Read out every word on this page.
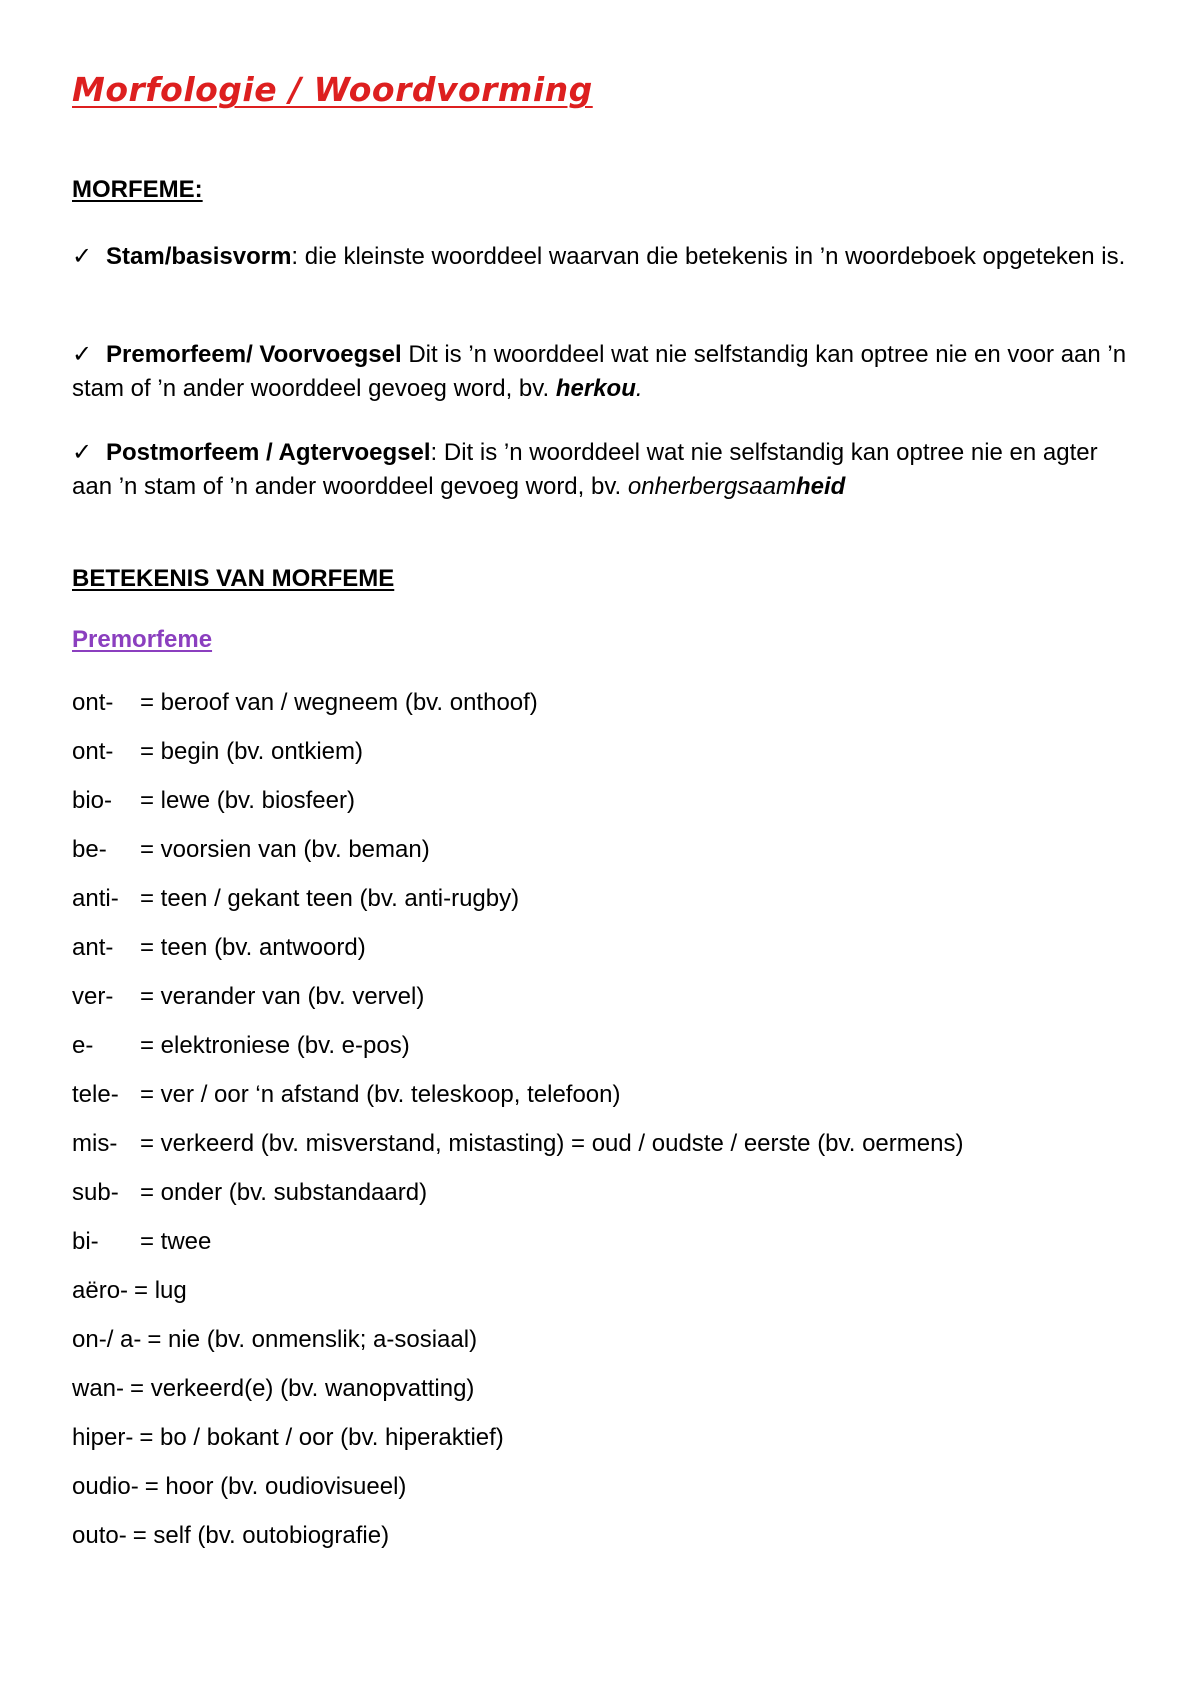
Morfologie / Woordvorming
MORFEME:

✓ Stam/basisvorm: die kleinste woorddeel waarvan die betekenis in ’n woordeboek opgeteken is.

✓ Premorfeem/ Voorvoegsel Dit is ’n woorddeel wat nie selfstandig kan optree nie en voor aan ’n stam of ’n ander woorddeel gevoeg word, bv. herkou.

✓ Postmorfeem / Agtervoegsel: Dit is ’n woorddeel wat nie selfstandig kan optree nie en agter aan ’n stam of ’n ander woorddeel gevoeg word, bv. onherbergsaamheid

BETEKENIS VAN MORFEME
Premorfeme
ont- = beroof van / wegneem (bv. onthoof)
ont- = begin (bv. ontkiem)
bio- = lewe (bv. biosfeer)
be- = voorsien van (bv. beman)
anti- = teen / gekant teen (bv. anti-rugby)
ant- = teen (bv. antwoord)
ver- = verander van (bv. vervel)
e- = elektroniese (bv. e-pos)
tele- = ver / oor ‘n afstand (bv. teleskoop, telefoon)
mis- = verkeerd (bv. misverstand, mistasting) = oud / oudste / eerste (bv. oermens)
sub- = onder (bv. substandaard)
bi- = twee
aëro- = lug
on-/ a- = nie (bv. onmenslik; a-sosiaal)
wan- = verkeerd(e) (bv. wanopvatting)
hiper- = bo / bokant / oor (bv. hiperaktief)
oudio- = hoor (bv. oudiovisueel)
outo- = self (bv. outobiografie)
